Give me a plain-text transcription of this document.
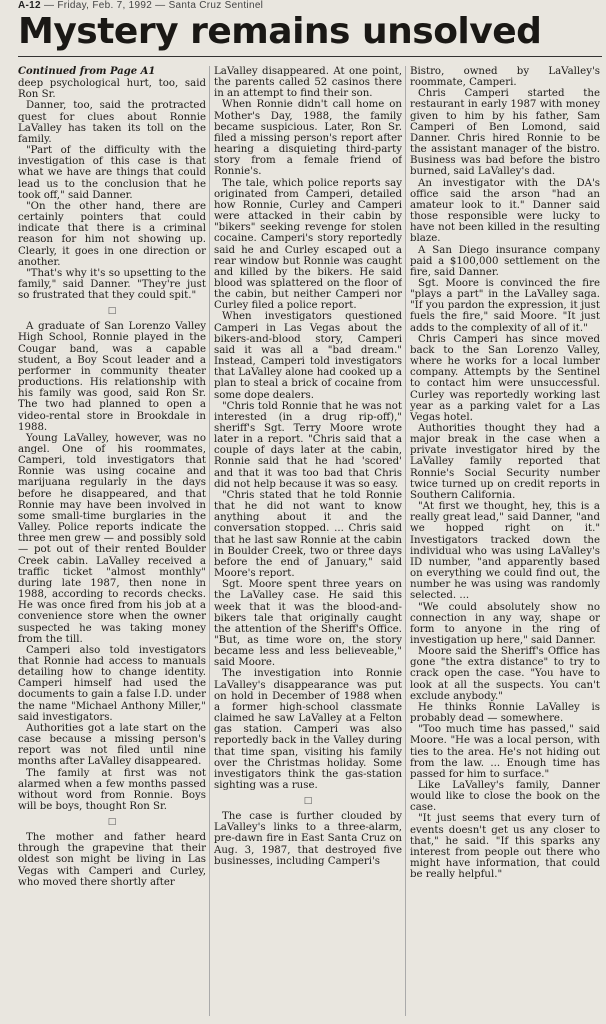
A-12 — Friday, Feb. 7, 1992 — Santa Cruz Sentinel
Mystery remains unsolved
Continued from Page A1

deep psychological hurt, too, said Ron Sr.

Danner, too, said the protracted quest for clues about Ronnie LaValley has taken its toll on the family.

"Part of the difficulty with the investigation of this case is that what we have are things that could lead us to the conclusion that he took off," said Danner.

"On the other hand, there are certainly pointers that could indicate that there is a criminal reason for him not showing up. Clearly, it goes in one direction or another.

"That's why it's so upsetting to the family," said Danner. "They're just so frustrated that they could spit."

□

A graduate of San Lorenzo Valley High School, Ronnie played in the Cougar band, was a capable student, a Boy Scout leader and a performer in community theater productions. His relationship with his family was good, said Ron Sr. The two had planned to open a video-rental store in Brookdale in 1988.

Young LaValley, however, was no angel. One of his roommates, Camperi, told investigators that Ronnie was using cocaine and marijuana regularly in the days before he disappeared, and that Ronnie may have been involved in some small-time burglaries in the Valley. Police reports indicate the three men grew — and possibly sold — pot out of their rented Boulder Creek cabin. LaValley received a traffic ticket "almost monthly" during late 1987, then none in 1988, according to records checks. He was once fired from his job at a convenience store when the owner suspected he was taking money from the till.

Camperi also told investigators that Ronnie had access to manuals detailing how to change identity. Camperi himself had used the documents to gain a false I.D. under the name "Michael Anthony Miller," said investigators.

Authorities got a late start on the case because a missing person's report was not filed until nine months after LaValley disappeared.

The family at first was not alarmed when a few months passed without word from Ronnie. Boys will be boys, thought Ron Sr.

□

The mother and father heard through the grapevine that their oldest son might be living in Las Vegas with Camperi and Curley, who moved there shortly after

LaValley disappeared. At one point, the parents called 52 casinos there in an attempt to find their son.

When Ronnie didn't call home on Mother's Day, 1988, the family became suspicious. Later, Ron Sr. filed a missing person's report after hearing a disquieting third-party story from a female friend of Ronnie's.

The tale, which police reports say originated from Camperi, detailed how Ronnie, Curley and Camperi were attacked in their cabin by "bikers" seeking revenge for stolen cocaine. Camperi's story reportedly said he and Curley escaped out a rear window but Ronnie was caught and killed by the bikers. He said blood was splattered on the floor of the cabin, but neither Camperi nor Curley filed a police report.

When investigators questioned Camperi in Las Vegas about the bikers-and-blood story, Camperi said it was all a "bad dream." Instead, Camperi told investigators that LaValley alone had cooked up a plan to steal a brick of cocaine from some dope dealers.

"Chris told Ronnie that he was not interested (in a drug rip-off)," sheriff's Sgt. Terry Moore wrote later in a report. "Chris said that a couple of days later at the cabin, Ronnie said that he had 'scored' and that it was too bad that Chris did not help because it was so easy.

"Chris stated that he told Ronnie that he did not want to know anything about it and the conversation stopped. ... Chris said that he last saw Ronnie at the cabin in Boulder Creek, two or three days before the end of January," said Moore's report.

Sgt. Moore spent three years on the LaValley case. He said this week that it was the blood-and-bikers tale that originally caught the attention of the Sheriff's Office. "But, as time wore on, the story became less and less believeable," said Moore.

The investigation into Ronnie LaValley's disappearance was put on hold in December of 1988 when a former high-school classmate claimed he saw LaValley at a Felton gas station. Camperi was also reportedly back in the Valley during that time span, visiting his family over the Christmas holiday. Some investigators think the gas-station sighting was a ruse.

□

The case is further clouded by LaValley's links to a three-alarm, pre-dawn fire in East Santa Cruz on Aug. 3, 1987, that destroyed five businesses, including Camperi's

Bistro, owned by LaValley's roommate, Camperi.

Chris Camperi started the restaurant in early 1987 with money given to him by his father, Sam Camperi of Ben Lomond, said Danner. Chris hired Ronnie to be the assistant manager of the bistro. Business was bad before the bistro burned, said LaValley's dad.

An investigator with the DA's office said the arson "had an amateur look to it." Danner said those responsible were lucky to have not been killed in the resulting blaze.

A San Diego insurance company paid a $100,000 settlement on the fire, said Danner.

Sgt. Moore is convinced the fire "plays a part" in the LaValley saga. "If you pardon the expression, it just fuels the fire," said Moore. "It just adds to the complexity of all of it."

Chris Camperi has since moved back to the San Lorenzo Valley, where he works for a local lumber company. Attempts by the Sentinel to contact him were unsuccessful. Curley was reportedly working last year as a parking valet for a Las Vegas hotel.

Authorities thought they had a major break in the case when a private investigator hired by the LaValley family reported that Ronnie's Social Security number twice turned up on credit reports in Southern California.

"At first we thought, hey, this is a really great lead," said Danner, "and we hopped right on it." Investigators tracked down the individual who was using LaValley's ID number, "and apparently based on everything we could find out, the number he was using was randomly selected. ...

"We could absolutely show no connection in any way, shape or form to anyone in the ring of investigation up here," said Danner.

Moore said the Sheriff's Office has gone "the extra distance" to try to crack open the case. "You have to look at all the suspects. You can't exclude anybody."

He thinks Ronnie LaValley is probably dead — somewhere.

"Too much time has passed," said Moore. "He was a local person, with ties to the area. He's not hiding out from the law. ... Enough time has passed for him to surface."

Like LaValley's family, Danner would like to close the book on the case.

"It just seems that every turn of events doesn't get us any closer to that," he said. "If this sparks any interest from people out there who might have information, that could be really helpful."
